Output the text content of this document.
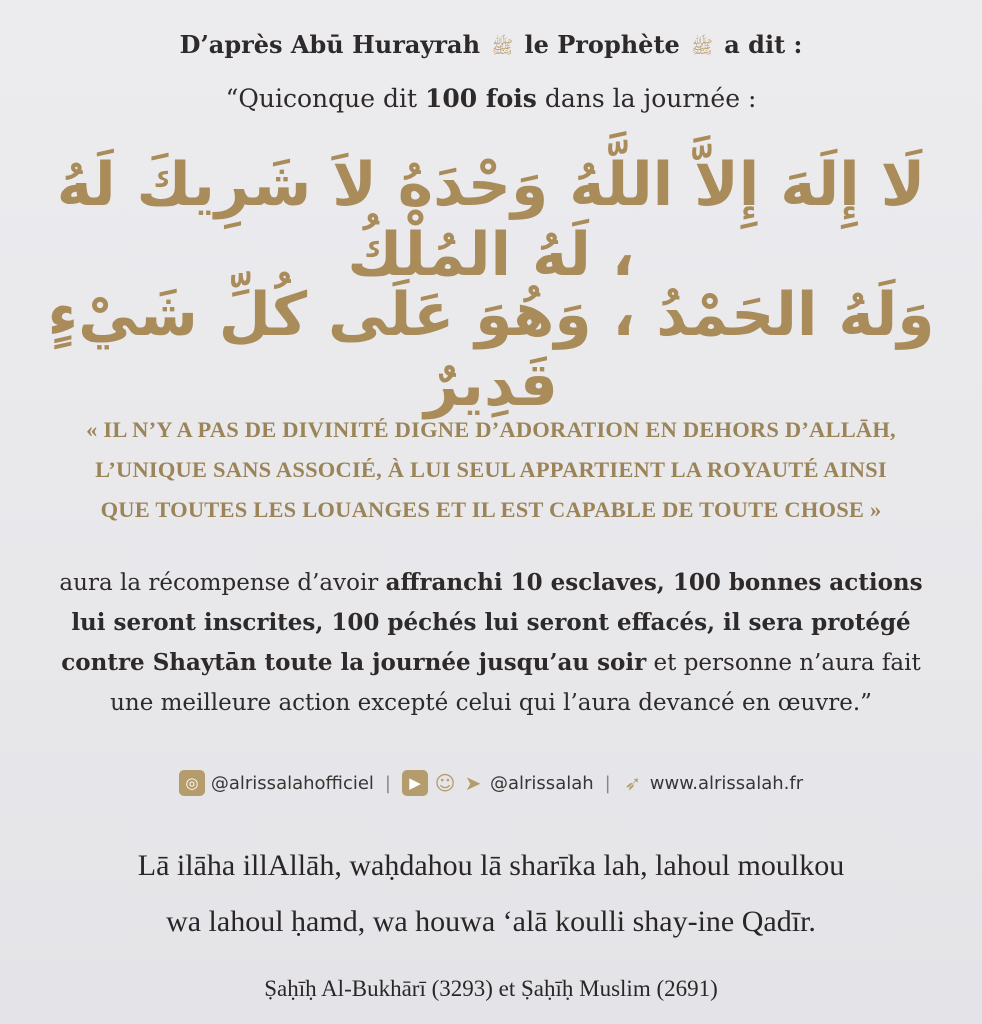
D’après Abū Hurayrah ﷺ le Prophète ﷺ a dit :
“Quiconque dit 100 fois dans la journée :
لَا إِلَهَ إِلاَّ اللَّهُ وَحْدَهُ لاَ شَرِيكَ لَهُ ، لَهُ المُلْكُ
وَلَهُ الحَمْدُ ، وَهُوَ عَلَى كُلِّ شَيْءٍ قَدِيرٌ
« IL N’Y A PAS DE DIVINITÉ DIGNE D’ADORATION EN DEHORS D’ALLĀH,
L’UNIQUE SANS ASSOCIÉ, À LUI SEUL APPARTIENT LA ROYAUTÉ AINSI
QUE TOUTES LES LOUANGES ET IL EST CAPABLE DE TOUTE CHOSE »
aura la récompense d’avoir affranchi 10 esclaves, 100 bonnes actions lui seront inscrites, 100 péchés lui seront effacés, il sera protégé contre Shaytān toute la journée jusqu’au soir et personne n’aura fait une meilleure action excepté celui qui l’aura devancé en œuvre.”
◎ @alrissalahofficiel |	▶ ☺ ➤ @alrissalah | ➶ www.alrissalah.fr
Lā ilāha illAllāh, waḥdahou lā sharīka lah, lahoul moulkou
wa lahoul ḥamd, wa houwa ‘alā koulli shay-ine Qadīr.
Ṣaḥīḥ Al-Bukhārī (3293) et Ṣaḥīḥ Muslim (2691)
